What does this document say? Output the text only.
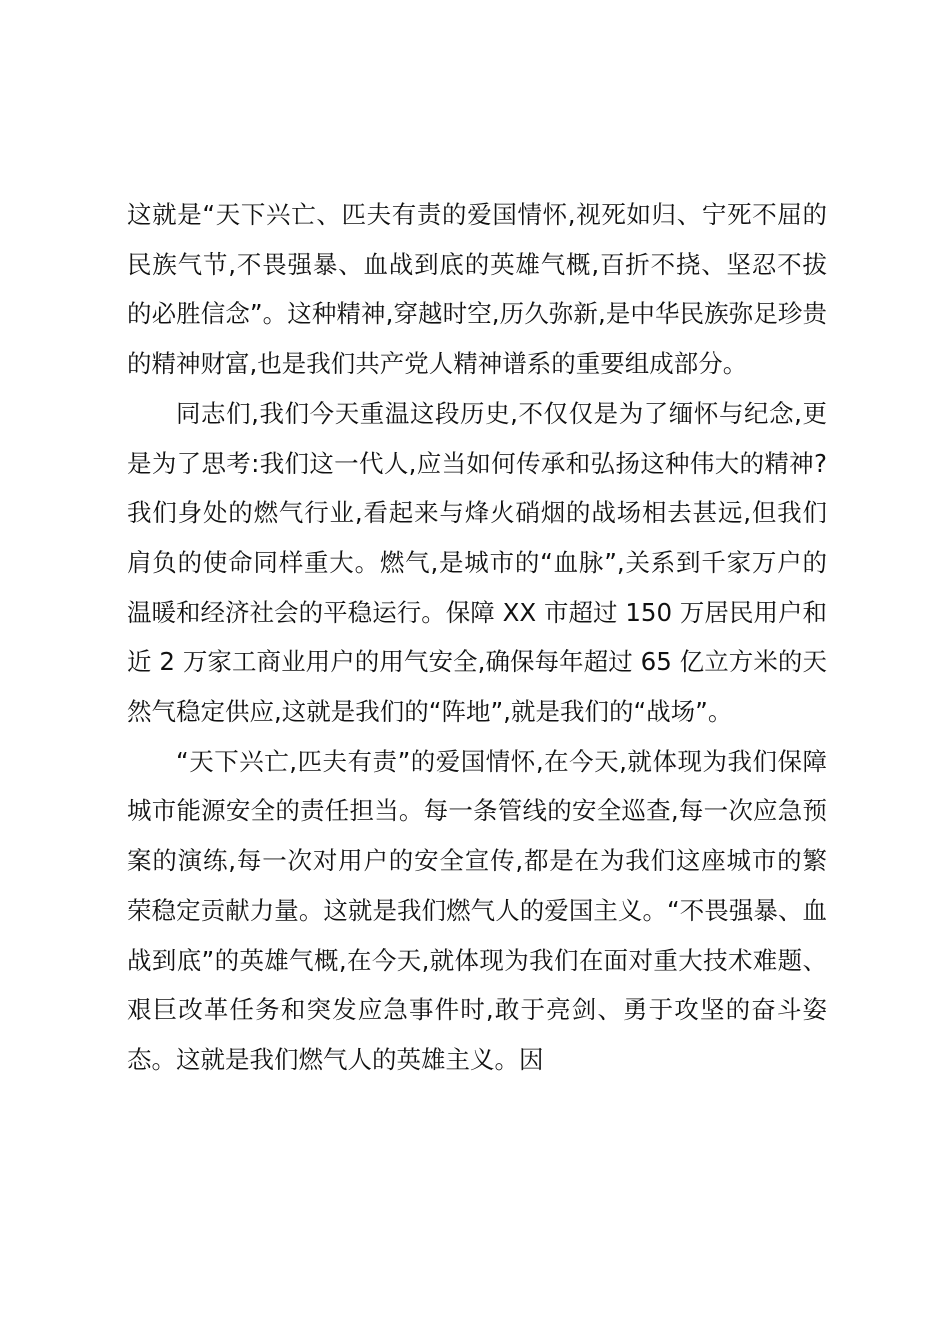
这就是“天下兴亡、匹夫有责的爱国情怀,视死如归、宁死不屈的民族气节,不畏强暴、血战到底的英雄气概,百折不挠、坚忍不拔的必胜信念”。这种精神,穿越时空,历久弥新,是中华民族弥足珍贵的精神财富,也是我们共产党人精神谱系的重要组成部分。

同志们,我们今天重温这段历史,不仅仅是为了缅怀与纪念,更是为了思考:我们这一代人,应当如何传承和弘扬这种伟大的精神?我们身处的燃气行业,看起来与烽火硝烟的战场相去甚远,但我们肩负的使命同样重大。燃气,是城市的“血脉”,关系到千家万户的温暖和经济社会的平稳运行。保障 XX 市超过 150 万居民用户和近 2 万家工商业用户的用气安全,确保每年超过 65 亿立方米的天然气稳定供应,这就是我们的“阵地”,就是我们的“战场”。

“天下兴亡,匹夫有责”的爱国情怀,在今天,就体现为我们保障城市能源安全的责任担当。每一条管线的安全巡查,每一次应急预案的演练,每一次对用户的安全宣传,都是在为我们这座城市的繁荣稳定贡献力量。这就是我们燃气人的爱国主义。“不畏强暴、血战到底”的英雄气概,在今天,就体现为我们在面对重大技术难题、艰巨改革任务和突发应急事件时,敢于亮剑、勇于攻坚的奋斗姿态。这就是我们燃气人的英雄主义。因
